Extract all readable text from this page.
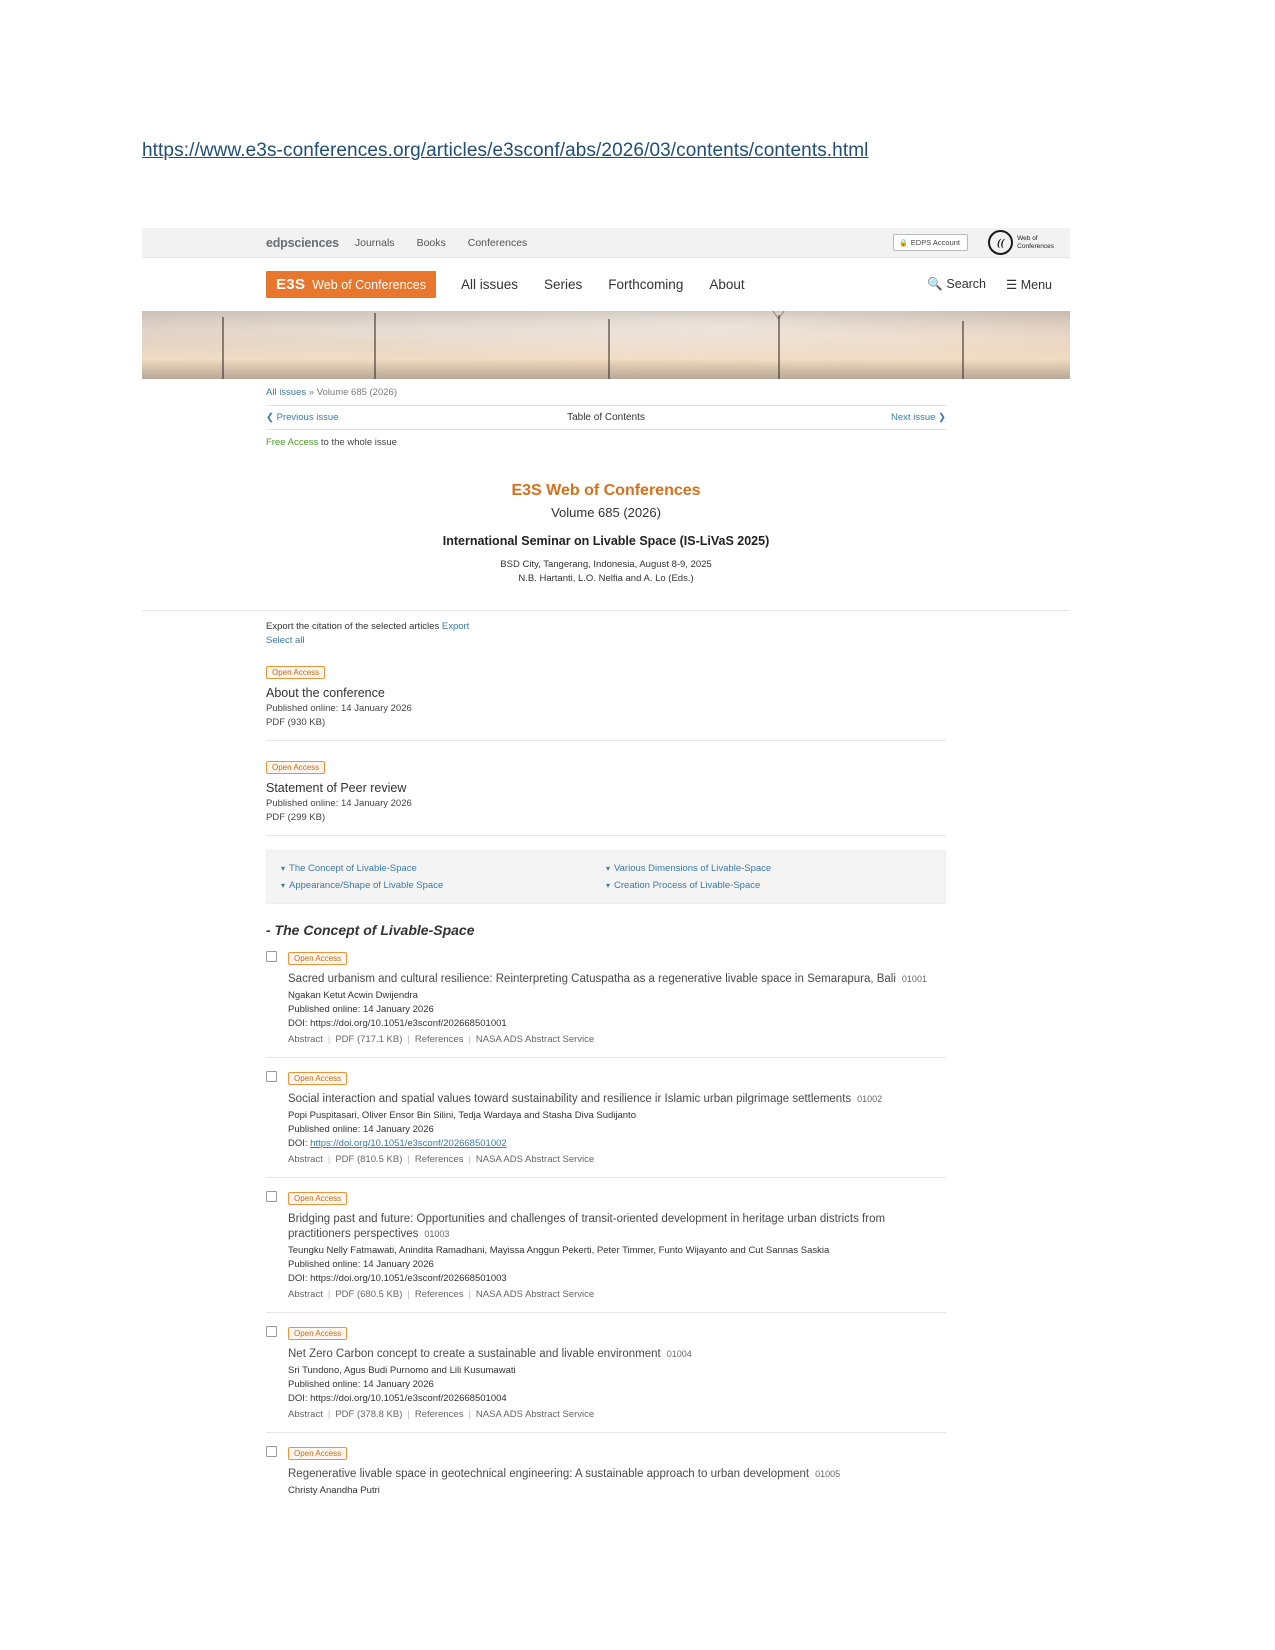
https://www.e3s-conferences.org/articles/e3sconf/abs/2026/03/contents/contents.html
edpsciences Journals Books Conferences	🔒 EDPS Account	((	Web of
Conferences
E3S Web of Conferences	All issues Series Forthcoming About	🔍 Search ☰ Menu
All issues » Volume 685 (2026)
❮ Previous issue	Table of Contents	Next issue ❯
Free Access to the whole issue
E3S Web of Conferences
Volume 685 (2026)
International Seminar on Livable Space (IS-LiVaS 2025)
BSD City, Tangerang, Indonesia, August 8-9, 2025
N.B. Hartanti, L.O. Nelfia and A. Lo (Eds.)
Export the citation of the selected articles Export
Select all
Open Access
About the conference
Published online: 14 January 2026
PDF (930 KB)
Open Access
Statement of Peer review
Published online: 14 January 2026
PDF (299 KB)
▾ The Concept of Livable-Space	▾ Various Dimensions of Livable-Space
▾ Appearance/Shape of Livable Space	▾ Creation Process of Livable-Space
- The Concept of Livable-Space
Open Access
Sacred urbanism and cultural resilience: Reinterpreting Catuspatha as a regenerative livable space in Semarapura, Bali 01001
Ngakan Ketut Acwin Dwijendra
Published online: 14 January 2026
DOI: https://doi.org/10.1051/e3sconf/202668501001
Abstract | PDF (717.1 KB) | References | NASA ADS Abstract Service
Open Access
Social interaction and spatial values toward sustainability and resilience ir Islamic urban pilgrimage settlements 01002
Popi Puspitasari, Oliver Ensor Bin Silini, Tedja Wardaya and Stasha Diva Sudijanto
Published online: 14 January 2026
DOI: https://doi.org/10.1051/e3sconf/202668501002
Abstract | PDF (810.5 KB) | References | NASA ADS Abstract Service
Open Access
Bridging past and future: Opportunities and challenges of transit-oriented development in heritage urban districts from practitioners perspectives 01003
Teungku Nelly Fatmawati, Anindita Ramadhani, Mayissa Anggun Pekerti, Peter Timmer, Funto Wijayanto and Cut Sannas Saskia
Published online: 14 January 2026
DOI: https://doi.org/10.1051/e3sconf/202668501003
Abstract | PDF (680.5 KB) | References | NASA ADS Abstract Service
Open Access
Net Zero Carbon concept to create a sustainable and livable environment 01004
Sri Tundono, Agus Budi Purnomo and Lili Kusumawati
Published online: 14 January 2026
DOI: https://doi.org/10.1051/e3sconf/202668501004
Abstract | PDF (378.8 KB) | References | NASA ADS Abstract Service
Open Access
Regenerative livable space in geotechnical engineering: A sustainable approach to urban development 01005
Christy Anandha Putri
